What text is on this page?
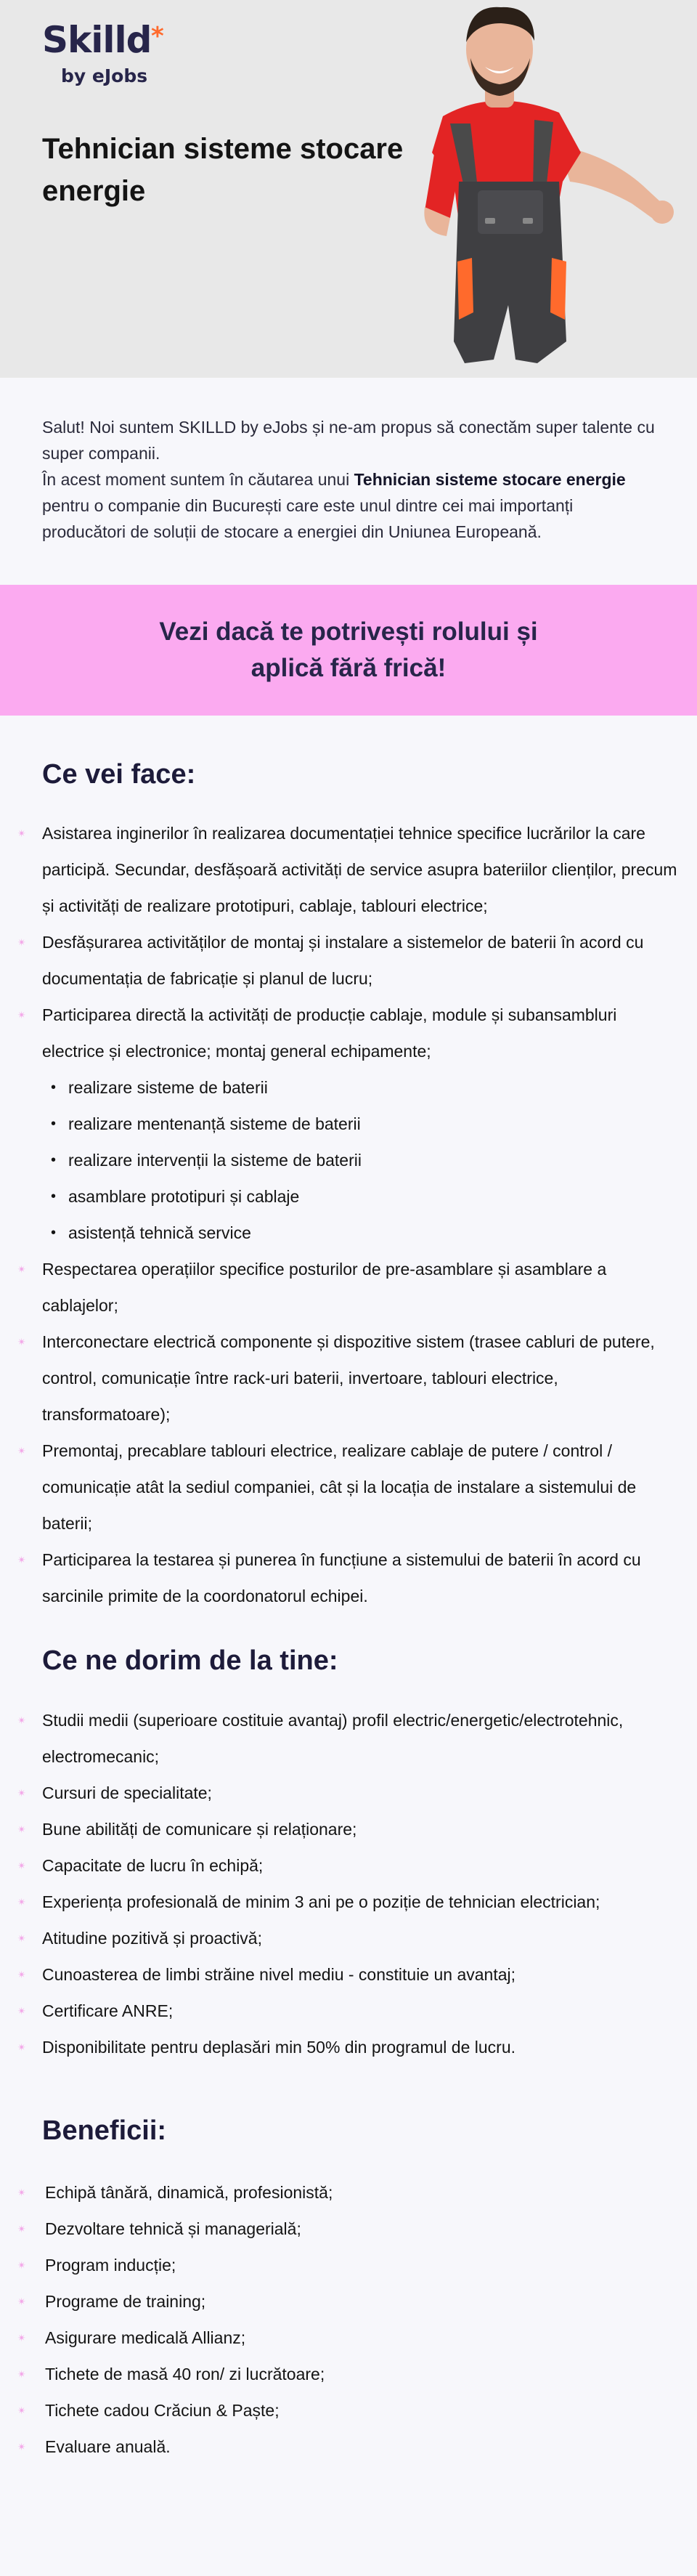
Skilld *
by eJobs
Tehnician sisteme stocare energie

Salut! Noi suntem SKILLD by eJobs și ne-am propus să conectăm super talente cu super companii.

În acest moment suntem în căutarea unui Tehnician sisteme stocare energie pentru o companie din București care este unul dintre cei mai importanți producători de soluții de stocare a energiei din Uniunea Europeană.

Vezi dacă te potrivești rolului și aplică fără frică!
Ce vei face:
✴ Asistarea inginerilor în realizarea documentației tehnice specifice lucrărilor la care
participă. Secundar, desfășoară activități de service asupra bateriilor clienților, precum
și activități de realizare prototipuri, cablaje, tablouri electrice;
✴ Desfășurarea activităților de montaj și instalare a sistemelor de baterii în acord cu
documentația de fabricație și planul de lucru;
✴ Participarea directă la activități de producție cablaje, module și subansambluri
electrice și electronice; montaj general echipamente;
• realizare sisteme de baterii
• realizare mentenanță sisteme de baterii
• realizare intervenții la sisteme de baterii
• asamblare prototipuri și cablaje
• asistență tehnică service
✴ Respectarea operațiilor specifice posturilor de pre-asamblare și asamblare a
cablajelor;
✴ Interconectare electrică componente și dispozitive sistem (trasee cabluri de putere,
control, comunicație între rack-uri baterii, invertoare, tablouri electrice,
transformatoare);
✴ Premontaj, precablare tablouri electrice, realizare cablaje de putere / control /
comunicație atât la sediul companiei, cât și la locația de instalare a sistemului de
baterii;
✴ Participarea la testarea și punerea în funcțiune a sistemului de baterii în acord cu
sarcinile primite de la coordonatorul echipei.
Ce ne dorim de la tine:
✴ Studii medii (superioare costituie avantaj) profil electric/energetic/electrotehnic,
electromecanic;
✴ Cursuri de specialitate;
✴ Bune abilități de comunicare și relaționare;
✴ Capacitate de lucru în echipă;
✴ Experiența profesională de minim 3 ani pe o poziție de tehnician electrician;
✴ Atitudine pozitivă și proactivă;
✴ Cunoasterea de limbi străine nivel mediu - constituie un avantaj;
✴ Certificare ANRE;
✴ Disponibilitate pentru deplasări min 50% din programul de lucru.
Beneficii:
✴ Echipă tânără, dinamică, profesionistă;
✴ Dezvoltare tehnică și managerială;
✴ Program inducție;
✴ Programe de training;
✴ Asigurare medicală Allianz;
✴ Tichete de masă 40 ron/ zi lucrătoare;
✴ Tichete cadou Crăciun & Paște;
✴ Evaluare anuală.
